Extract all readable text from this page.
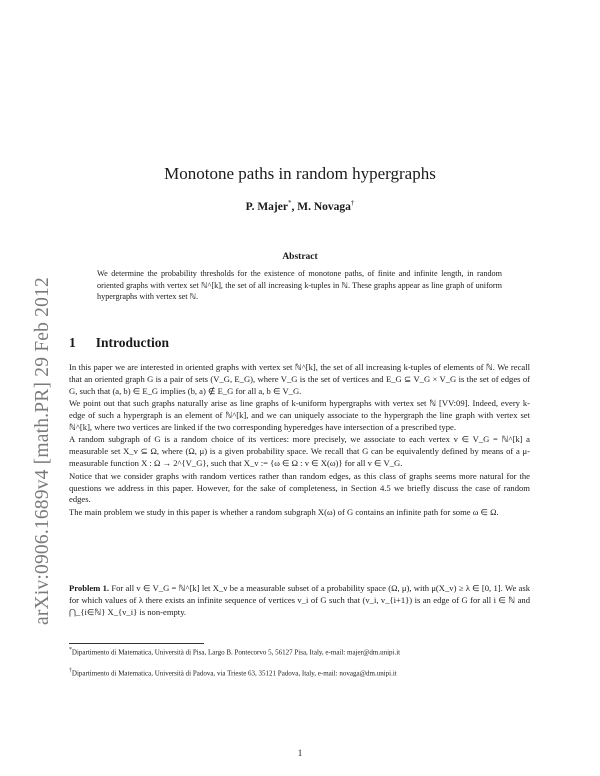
arXiv:0906.1689v4 [math.PR] 29 Feb 2012
Monotone paths in random hypergraphs
P. Majer*, M. Novaga†
Abstract
We determine the probability thresholds for the existence of monotone paths, of finite and infinite length, in random oriented graphs with vertex set ℕ^[k], the set of all increasing k-tuples in ℕ. These graphs appear as line graph of uniform hypergraphs with vertex set ℕ.
1 Introduction

In this paper we are interested in oriented graphs with vertex set ℕ^[k], the set of all increasing k-tuples of elements of ℕ. We recall that an oriented graph G is a pair of sets (V_G, E_G), where V_G is the set of vertices and E_G ⊆ V_G × V_G is the set of edges of G, such that (a, b) ∈ E_G implies (b, a) ∉ E_G for all a, b ∈ V_G.

We point out that such graphs naturally arise as line graphs of k-uniform hypergraphs with vertex set ℕ [VV:09]. Indeed, every k-edge of such a hypergraph is an element of ℕ^[k], and we can uniquely associate to the hypergraph the line graph with vertex set ℕ^[k], where two vertices are linked if the two corresponding hyperedges have intersection of a prescribed type.

A random subgraph of G is a random choice of its vertices: more precisely, we associate to each vertex v ∈ V_G = ℕ^[k] a measurable set X_v ⊆ Ω, where (Ω, μ) is a given probability space. We recall that G can be equivalently defined by means of a μ-measurable function X : Ω → 2^{V_G}, such that X_v := {ω ∈ Ω : v ∈ X(ω)} for all v ∈ V_G.

Notice that we consider graphs with random vertices rather than random edges, as this class of graphs seems more natural for the questions we address in this paper. However, for the sake of completeness, in Section 4.5 we briefly discuss the case of random edges.

The main problem we study in this paper is whether a random subgraph X(ω) of G contains an infinite path for some ω ∈ Ω.

Problem 1. For all v ∈ V_G = ℕ^[k] let X_v be a measurable subset of a probability space (Ω, μ), with μ(X_v) ≥ λ ∈ [0, 1]. We ask for which values of λ there exists an infinite sequence of vertices v_i of G such that (v_i, v_{i+1}) is an edge of G for all i ∈ ℕ and ⋂_{i∈ℕ} X_{v_i} is non-empty.
*Dipartimento di Matematica, Università di Pisa, Largo B. Pontecorvo 5, 56127 Pisa, Italy, e-mail: majer@dm.unipi.it
†Dipartimento di Matematica, Università di Padova, via Trieste 63, 35121 Padova, Italy, e-mail: novaga@dm.unipi.it
1
